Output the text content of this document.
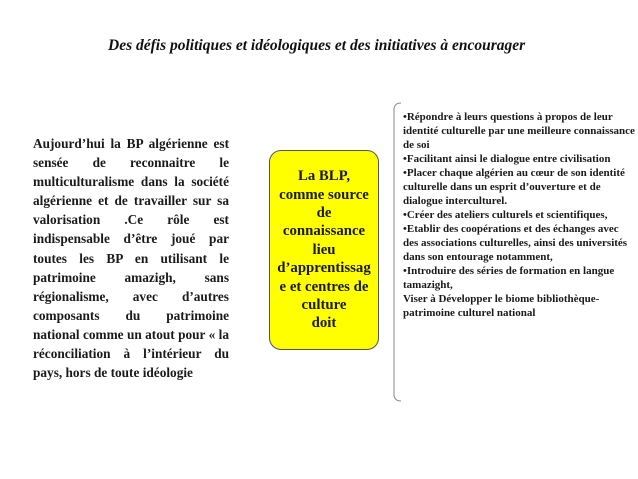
Des défis politiques et idéologiques et des initiatives à encourager
Aujourd’hui la BP algérienne est sensée de reconnaitre le multiculturalisme dans la société algérienne et de travailler sur sa valorisation .Ce rôle est indispensable d’être joué par toutes les BP en utilisant le patrimoine amazigh, sans régionalisme, avec d’autres composants du patrimoine national comme un atout pour « la réconciliation à l’intérieur du pays, hors de toute idéologie
La BLP,
comme source
de
connaissance
lieu
d’apprentissag
e et centres de
culture
doit

•Répondre à leurs questions à propos de leur identité culturelle par une meilleure connaissance de soi

•Facilitant ainsi le dialogue entre civilisation

•Placer chaque algérien au cœur de son identité culturelle dans un esprit d’ouverture et de dialogue interculturel.

•Créer des ateliers culturels et scientifiques,

•Etablir des coopérations et des échanges avec des associations culturelles, ainsi des universités dans son entourage notamment,

•Introduire des séries de formation en langue tamazight,

Viser à Développer le biome bibliothèque- patrimoine culturel national
